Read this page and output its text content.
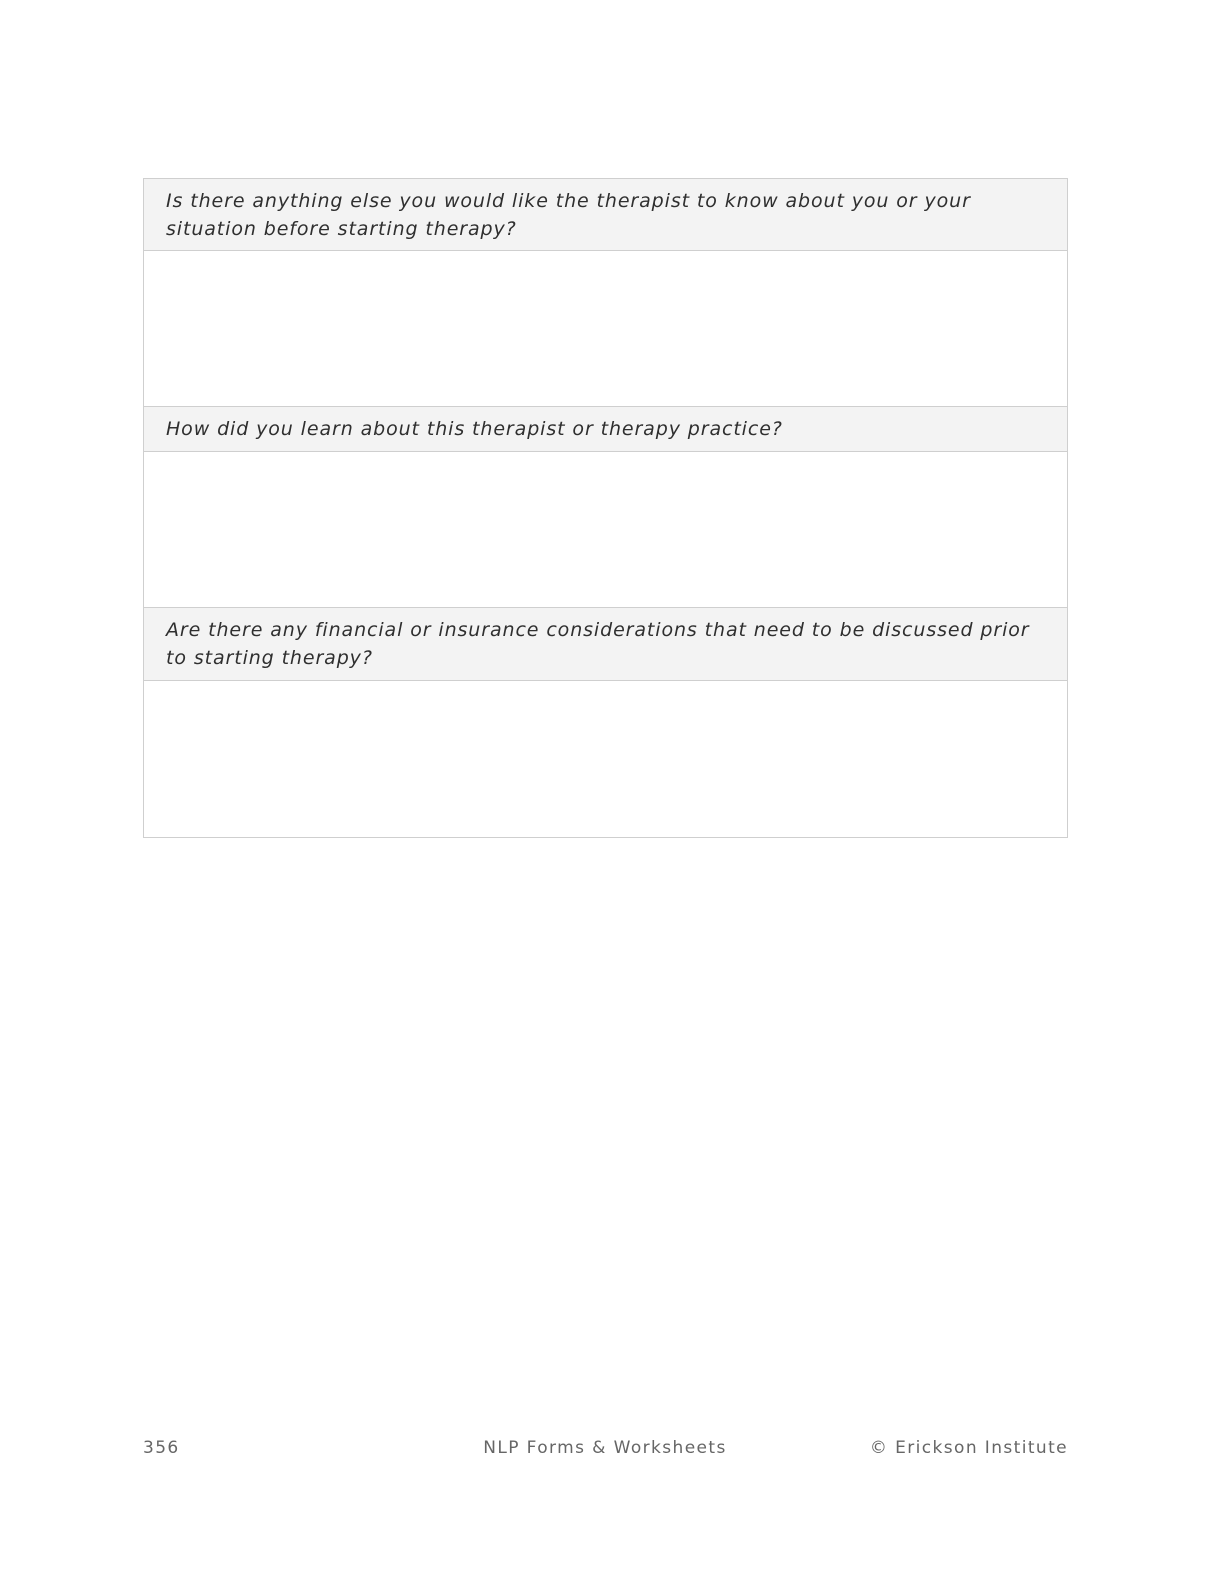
Is there anything else you would like the therapist to know about you or your situation before starting therapy?
How did you learn about this therapist or therapy practice?
Are there any financial or insurance considerations that need to be discussed prior to starting therapy?
356	NLP Forms & Worksheets	© Erickson Institute
